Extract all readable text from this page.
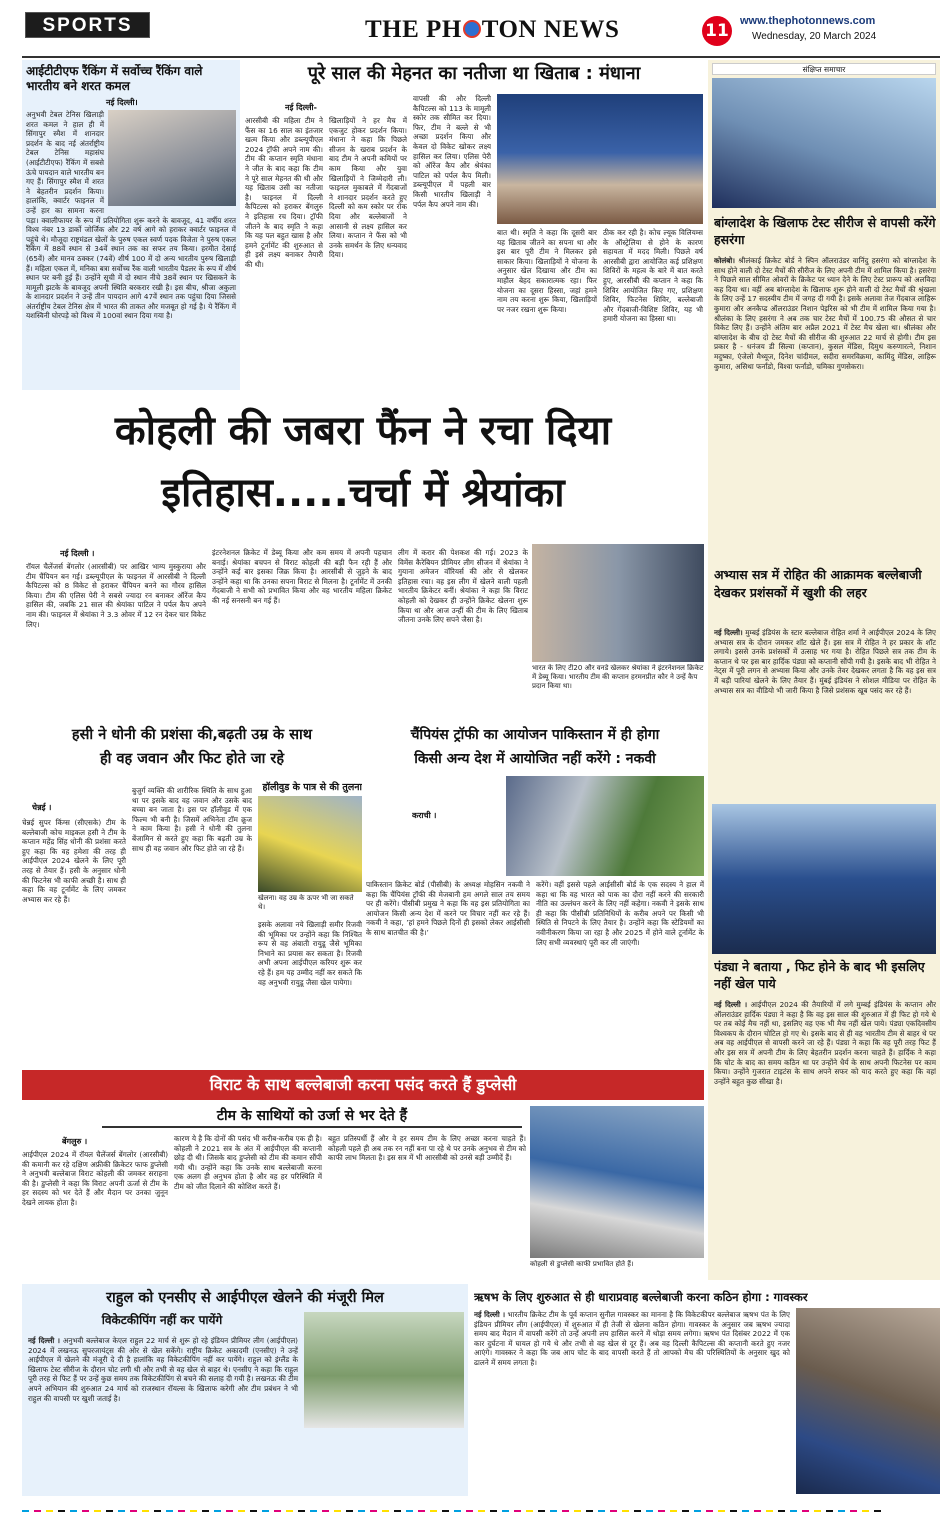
SPORTS	THE PH TON NEWS	11 www.thephotonnews.com
Wednesday, 20 March 2024
आईटीटीएफ रैंकिंग में सर्वोच्च रैंकिंग वाले भारतीय बने शरत कमल
नई दिल्ली।
अनुभवी टेबल टेनिस खिलाड़ी शरत कमल ने हाल ही में सिंगापुर स्मैश में शानदार प्रदर्शन के बाद नई अंतर्राष्ट्रीय टेबल टेनिस महासंघ (आईटीटीएफ) रैंकिंग में सबसे ऊंचे पायदान वाले भारतीय बन गए हैं। सिंगापुर स्मैश में शरत ने बेहतरीन प्रदर्शन किया। हालांकि, क्वार्टर फाइनल में उन्हें हार का सामना करना पड़ा। क्वालीफायर के रूप में प्रतियोगिता शुरू करने के बावजूद, 41 वर्षीय शरत विश्व नंबर 13 डार्को जोर्जिक और 22 वर्ष आगे को हराकर क्वार्टर फाइनल में पहुंचे थे। मौजूदा राष्ट्रमंडल खेलों के पुरुष एकल स्वर्ण पदक विजेता ने पुरुष एकल रैंकिंग में 88वें स्थान से 34वें स्थान तक का सफर तय किया। हरमीत देसाई (65वें) और मानव ठक्कर (74वें) शीर्ष 100 में दो अन्य भारतीय पुरुष खिलाड़ी हैं। महिला एकल में, मनिका बत्रा सर्वोच्च रैंक वाली भारतीय पैडलर के रूप में शीर्ष स्थान पर बनी हुई हैं। उन्होंने सूची में दो स्थान नीचे 38वें स्थान पर खिसकने के मामूली झटके के बावजूद अपनी स्थिति बरकरार रखी है। इस बीच, श्रीजा अकुला के शानदार प्रदर्शन ने उन्हें तीन पायदान आगे 47वें स्थान तक पहुंचा दिया जिससे अंतर्राष्ट्रीय टेबल टेनिस क्षेत्र में भारत की ताकत और मजबूत हो गई है। ये रैंकिंग में यशस्विनी घोरपड़े को विश्व में 100वां स्थान दिया गया है।
पूरे साल की मेहनत का नतीजा था खिताब : मंधाना
नई दिल्ली-
आरसीबी की महिला टीम ने फैंस का 16 साल का इंतजार खत्म किया और डब्ल्यूपीएल 2024 ट्रॉफी अपने नाम की। टीम की कप्तान स्मृति मंधाना ने जीत के बाद कहा कि टीम ने पूरे साल मेहनत की थी और यह खिताब उसी का नतीजा है। फाइनल में दिल्ली कैपिटल्स को हराकर बेंगलुरु ने इतिहास रच दिया। ट्रॉफी जीतने के बाद स्मृति ने कहा कि यह पल बहुत खास है और हमने टूर्नामेंट की शुरुआत से ही इसे लक्ष्य बनाकर तैयारी की थी।
खिलाड़ियों ने हर मैच में एकजुट होकर प्रदर्शन किया। मंधाना ने कहा कि पिछले सीजन के खराब प्रदर्शन के बाद टीम ने अपनी कमियों पर काम किया और युवा खिलाड़ियों ने जिम्मेदारी ली। फाइनल मुकाबले में गेंदबाजों ने शानदार प्रदर्शन करते हुए दिल्ली को कम स्कोर पर रोक दिया और बल्लेबाजों ने आसानी से लक्ष्य हासिल कर लिया। कप्तान ने फैंस को भी उनके समर्थन के लिए धन्यवाद दिया।
वापसी की और दिल्ली कैपिटल्स को 113 के मामूली स्कोर तक सीमित कर दिया। फिर, टीम ने बल्ले से भी अच्छा प्रदर्शन किया और केवल दो विकेट खोकर लक्ष्य हासिल कर लिया। एलिस पेरी को ऑरेंज कैप और श्रेयंका पाटिल को पर्पल कैप मिली। डब्ल्यूपीएल में पहली बार किसी भारतीय खिलाड़ी ने पर्पल कैप अपने नाम की।
बात थी। स्मृति ने कहा कि दूसरी बार यह खिताब जीतने का सपना था और इस बार पूरी टीम ने मिलकर इसे साकार किया। खिलाड़ियों ने योजना के अनुसार खेल दिखाया और टीम का माहौल बेहद सकारात्मक रहा। फिर योजना का दूसरा हिस्सा, जहां हमने नाम तय करना शुरू किया, खिलाड़ियों पर नजर रखना शुरू किया।
ठीक कर रही है। कोच ल्यूक विलियम्स के ऑस्ट्रेलिया से होने के कारण सहायता में मदद मिली। पिछले वर्ष आरसीबी द्वारा आयोजित कई प्रशिक्षण शिविरों के महत्व के बारे में बात करते हुए, आरसीबी की कप्तान ने कहा कि शिविर आयोजित किए गए, प्रशिक्षण शिविर, फिटनेस शिविर, बल्लेबाजी और गेंदबाजी-विशिष्ट शिविर, यह भी हमारी योजना का हिस्सा था।
संक्षिप्त समाचार
बांग्लादेश के खिलाफ टेस्ट सीरीज से वापसी करेंगे हसरंगा
कोलंबो। श्रीलंकाई क्रिकेट बोर्ड ने स्पिन ऑलराउंडर वानिंदु हसरंगा को बांग्लादेश के साथ होने वाली दो टेस्ट मैचों की सीरीज के लिए अपनी टीम में शामिल किया है। हसरंगा ने पिछले साल सीमित ओवरों के क्रिकेट पर ध्यान देने के लिए टेस्ट प्रारूप को अलविदा कह दिया था। वहीं अब बांग्लादेश के खिलाफ शुरू होने वाली दो टेस्ट मैचों की श्रृंखला के लिए उन्हें 17 सदस्यीय टीम में जगह दी गयी है। इसके अलावा तेज गेंदबाज लाहिरू कुमारा और अनकैप्ड ऑलराउंडर निशान पेइरिस को भी टीम में शामिल किया गया है। श्रीलंका के लिए हसरंगा ने अब तक चार टेस्ट मैचों में 100.75 की औसत से चार विकेट लिए हैं। उन्होंने अंतिम बार अप्रैल 2021 में टेस्ट मैच खेला था। श्रीलंका और बांग्लादेश के बीच दो टेस्ट मैचों की सीरीज की शुरुआत 22 मार्च से होगी। टीम इस प्रकार है - धनंजय डी सिल्वा (कप्तान), कुसल मेंडिस, दिमुथ करुणारत्ने, निशान मदुष्का, एंजेलो मैथ्यूज, दिनेश चांदीमल, सदीरा समरविक्रमा, कामिंदु मेंडिस, लाहिरू कुमारा, असिथा फर्नांडो, विश्वा फर्नांडो, चमिका गुणसेकरा।
अभ्यास सत्र में रोहित की आक्रामक बल्लेबाजी देखकर प्रशंसकों में खुशी की लहर
नई दिल्ली। मुम्बई इंडियंस के स्टार बल्लेबाज रोहित शर्मा ने आईपीएल 2024 के लिए अभ्यास सत्र के दौरान जमकर शॉट खेले हैं। इस सत्र में रोहित ने हर प्रकार के शॉट लगाये। इससे उनके प्रशंसकों में उत्साह भर गया है। रोहित पिछले सत्र तक टीम के कप्तान थे पर इस बार हार्दिक पंड्या को कप्तानी सौंपी गयी है। इसके बाद भी रोहित ने नेट्स में पूरी लगन से अभ्यास किया और उनके तेवर देखकर लगता है कि वह इस सत्र में बड़ी पारियां खेलने के लिए तैयार हैं। मुंबई इंडियंस ने सोशल मीडिया पर रोहित के अभ्यास सत्र का वीडियो भी जारी किया है जिसे प्रशंसक खूब पसंद कर रहे हैं।
पंड्या ने बताया , फिट होने के बाद भी इसलिए नहीं खेल पाये
नई दिल्ली । आईपीएल 2024 की तैयारियों में लगे मुम्बई इंडियंस के कप्तान और ऑलराउंडर हार्दिक पंड्या ने कहा है कि वह इस साल की शुरुआत में ही फिट हो गये थे पर तब कोई मैच नहीं था, इसलिए वह एक भी मैच नहीं खेल पाये। पंड्या एकदिवसीय विश्वकप के दौरान चोटिल हो गए थे। इसके बाद से ही वह भारतीय टीम से बाहर थे पर अब वह आईपीएल से वापसी करने जा रहे हैं। पंड्या ने कहा कि वह पूरी तरह फिट हैं और इस सत्र में अपनी टीम के लिए बेहतरीन प्रदर्शन करना चाहते हैं। हार्दिक ने कहा कि चोट के बाद का समय कठिन था पर उन्होंने धैर्य के साथ अपनी फिटनेस पर काम किया। उन्होंने गुजरात टाइटंस के साथ अपने सफर को याद करते हुए कहा कि वहां उन्होंने बहुत कुछ सीखा है।
कोहली की जबरा फैंन ने रचा दिया
इतिहास.....चर्चा में श्रेयांका
नई दिल्ली ।
रॉयल चैलेंजर्स बेंगलोर (आरसीबी) पर आखिर भाग्य मुस्कुराया और टीम चैंपियन बन गई। डब्ल्यूपीएल के फाइनल में आरसीबी ने दिल्ली कैपिटल्स को 8 विकेट से हराकर चैंपियन बनने का गौरव हासिल किया। टीम की एलिस पेरी ने सबसे ज्यादा रन बनाकर ऑरेंज कैप हासिल की, जबकि 21 साल की श्रेयांका पाटिल ने पर्पल कैप अपने नाम की। फाइनल में श्रेयांका ने 3.3 ओवर में 12 रन देकर चार विकेट लिए।
इंटरनेशनल क्रिकेट में डेब्यू किया और कम समय में अपनी पहचान बनाई। श्रेयांका बचपन से विराट कोहली की बड़ी फैन रही हैं और उन्होंने कई बार इसका जिक्र किया है। आरसीबी से जुड़ने के बाद उन्होंने कहा था कि उनका सपना विराट से मिलना है। टूर्नामेंट में उनकी गेंदबाजी ने सभी को प्रभावित किया और वह भारतीय महिला क्रिकेट की नई सनसनी बन गई हैं।
लीग में करार की पेशकश की गई। 2023 के विमेंस कैरेबियन प्रीमियर लीग सीजन में श्रेयांका ने गुयाना अमेजन वॉरियर्स की ओर से खेलकर इतिहास रचा। वह इस लीग में खेलने वाली पहली भारतीय क्रिकेटर बनीं। श्रेयांका ने कहा कि विराट कोहली को देखकर ही उन्होंने क्रिकेट खेलना शुरू किया था और आज उन्हीं की टीम के लिए खिताब जीतना उनके लिए सपने जैसा है।
भारत के लिए टी20 और वनडे खेलकर श्रेयांका ने इंटरनेशनल क्रिकेट में डेब्यू किया। भारतीय टीम की कप्तान हरमनप्रीत कौर ने उन्हें कैप प्रदान किया था।
हसी ने धोनी की प्रशंसा की,बढ़ती उम्र के साथ
ही वह जवान और फिट होते जा रहे
हॉलीवुड के पात्र से की तुलना
चेन्नई ।
चेन्नई सुपर किंग्स (सीएसके) टीम के बल्लेबाजी कोच माइकल हसी ने टीम के कप्तान महेंद्र सिंह धोनी की प्रशंसा करते हुए कहा कि वह हमेशा की तरह ही आईपीएल 2024 खेलने के लिए पूरी तरह से तैयार हैं। हसी के अनुसार धोनी की फिटनेस भी काफी अच्छी है। साथ ही कहा कि वह टूर्नामेंट के लिए जमकर अभ्यास कर रहे हैं।
बुजुर्ग व्यक्ति की शारीरिक स्थिति के साथ हुआ था पर इसके बाद वह जवान और उसके बाद बच्चा बन जाता है। इस पर हॉलीवुड में एक फिल्म भी बनी है। जिसमें अभिनेता टॉम क्रूज ने काम किया है। हसी ने धोनी की तुलना बेंजामिन से करते हुए कहा कि बढ़ती उम्र के साथ ही वह जवान और फिट होते जा रहे हैं।
खेलना। वह उम्र के ऊपर भी जा सकते थे।
इसके अलावा नये खिलाड़ी समीर रिजवी की भूमिका पर उन्होंने कहा कि निश्चित रूप से वह अंबाती रायुडू जैसे भूमिका निभाने का प्रयास कर सकता है। रिजवी अभी अपना आईपीएल करियर शुरू कर रहे हैं। हम यह उम्मीद नहीं कर सकते कि वह अनुभवी रायुडू जैसा खेल पायेगा।
चैंपियंस ट्रॉफी का आयोजन पाकिस्तान में ही होगा
किसी अन्य देश में आयोजित नहीं करेंगे : नकवी
कराची ।
पाकिस्तान क्रिकेट बोर्ड (पीसीबी) के अध्यक्ष मोहसिन नकवी ने कहा कि चैंपियंस ट्रॉफी की मेजबानी हम अगले साल तय समय पर ही करेंगे। पीसीबी प्रमुख ने कहा कि वह इस प्रतियोगिता का आयोजन किसी अन्य देश में करने पर विचार नहीं कर रहे हैं। नकवी ने कहा, ’हां हमने पिछले दिनों ही इसको लेकर आईसीसी के साथ बातचीत की है।’
करेंगे। वहीं इससे पहले आईसीसी बोर्ड के एक सदस्य ने हाल में कहा था कि वह भारत को पाक का दौरा नहीं करने की सरकारी नीति का उल्लंघन करने के लिए नहीं कहेगा। नकवी ने इसके साथ ही कहा कि पीसीबी प्रतिनिधियों के करीब अपने पर किसी भी स्थिति से निपटने के लिए तैयार है। उन्होंने कहा कि स्टेडियमों का नवीनीकरण किया जा रहा है और 2025 में होने वाले टूर्नामेंट के लिए सभी व्यवस्थाएं पूरी कर ली जाएंगी।
विराट के साथ बल्लेबाजी करना पसंद करते हैं डुप्लेसी
टीम के साथियों को उर्जा से भर देते हैं
बेंगलुरु ।
आईपीएल 2024 में रॉयल चैलेंजर्स बेंगलोर (आरसीबी) की कमानी कर रहे दक्षिण अफ्रीकी क्रिकेटर फाफ डुप्लेसी ने अनुभवी बल्लेबाज विराट कोहली की जमकर सराहना की है। डुप्लेसी ने कहा कि विराट अपनी ऊर्जा से टीम के हर सदस्य को भर देते हैं और मैदान पर उनका जुनून देखने लायक होता है।
कारण ये है कि दोनों की पसंद भी करीब-करीब एक ही है। कोहली ने 2021 सत्र के अंत में आईपीएल की कप्तानी छोड़ दी थी। जिसके बाद डुप्लेसी को टीम की कमान सौंपी गयी थी। उन्होंने कहा कि उनके साथ बल्लेबाजी करना एक अलग ही अनुभव होता है और वह हर परिस्थिति में टीम को जीत दिलाने की कोशिश करते हैं।
बहुत प्रतिस्पर्धी हैं और वे हर समय टीम के लिए अच्छा करना चाहते हैं। कोहली पहले ही अब तक रन नहीं बना पा रहे थे पर उनके अनुभव से टीम को काफी लाभ मिलता है। इस सत्र में भी आरसीबी को उनसे बड़ी उम्मीदें हैं।
कोहली से डुप्लेसी काफी प्रभावित होते हैं।
राहुल को एनसीए से आईपीएल खेलने की मंजूरी मिल
विकेटकीपिंग नहीं कर पायेंगे
नई दिल्ली । अनुभवी बल्लेबाज केएल राहुल 22 मार्च से शुरू हो रहे इंडियन प्रीमियर लीग (आईपीएल) 2024 में लखनऊ सुपरजायंट्स की ओर से खेल सकेंगे। राष्ट्रीय क्रिकेट अकादमी (एनसीए) ने उन्हें आईपीएल में खेलने की मंजूरी दे दी है हालांकि वह विकेटकीपिंग नहीं कर पायेंगे। राहुल को इंग्लैंड के खिलाफ टेस्ट सीरीज के दौरान चोट लगी थी और तभी से वह खेल से बाहर थे। एनसीए ने कहा कि राहुल पूरी तरह से फिट हैं पर उन्हें कुछ समय तक विकेटकीपिंग से बचने की सलाह दी गयी है। लखनऊ की टीम अपने अभियान की शुरुआत 24 मार्च को राजस्थान रॉयल्स के खिलाफ करेगी और टीम प्रबंधन ने भी राहुल की वापसी पर खुशी जताई है।
ऋषभ के लिए शुरुआत से ही धाराप्रवाह बल्लेबाजी करना कठिन होगा : गावस्कर
नई दिल्ली । भारतीय क्रिकेट टीम के पूर्व कप्तान सुनील गावस्कर का मानना है कि विकेटकीपर बल्लेबाज ऋषभ पंत के लिए इंडियन प्रीमियर लीग (आईपीएल) में शुरुआत में ही तेजी से खेलना कठिन होगा। गावस्कर के अनुसार जब ऋषभ ज्यादा समय बाद मैदान में वापसी करेंगे तो उन्हें अपनी लय हासिल करने में थोड़ा समय लगेगा। ऋषभ पंत दिसंबर 2022 में एक कार दुर्घटना में घायल हो गये थे और तभी से वह खेल से दूर हैं। अब वह दिल्ली कैपिटल्स की कप्तानी करते हुए नजर आएंगे। गावस्कर ने कहा कि जब आप चोट के बाद वापसी करते हैं तो आपको मैच की परिस्थितियों के अनुसार खुद को ढालने में समय लगता है।
